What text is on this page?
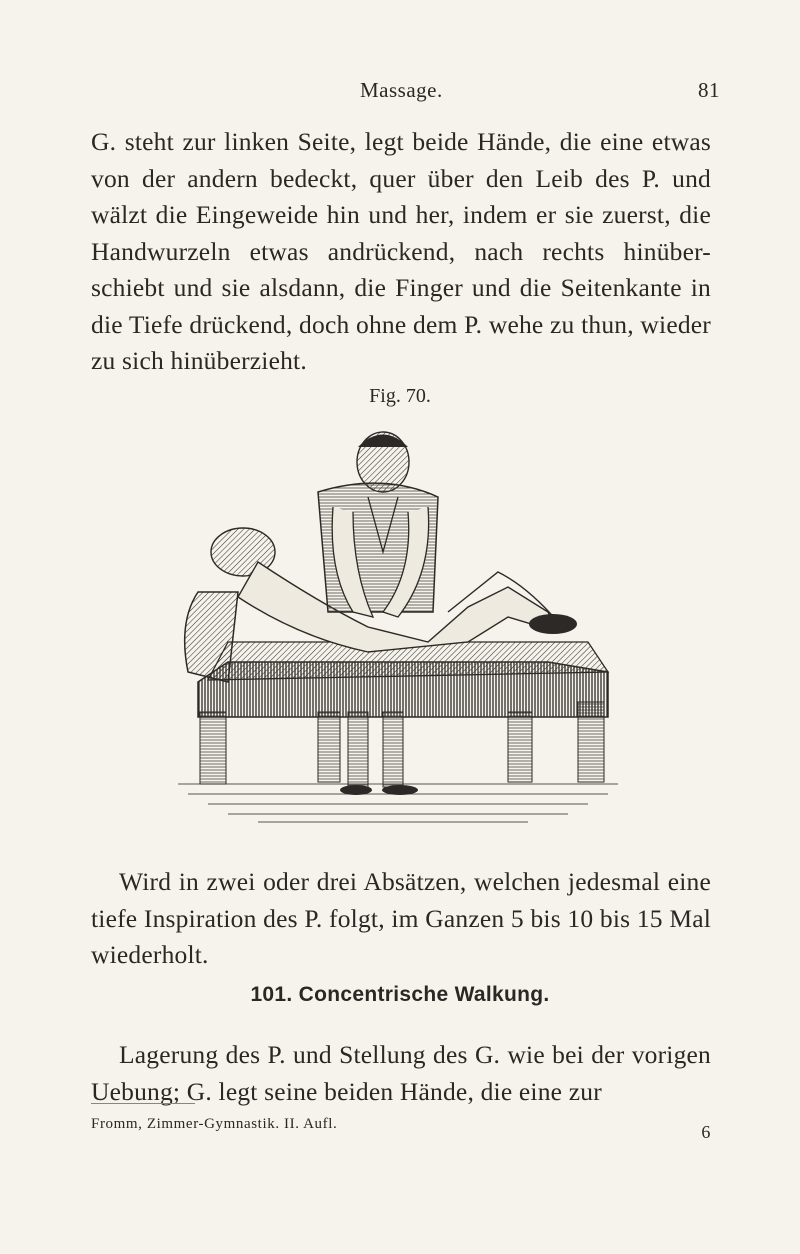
Massage.	81
G. steht zur linken Seite, legt beide Hände, die eine etwas von der andern bedeckt, quer über den Leib des P. und wälzt die Eingeweide hin und her, indem er sie zuerst, die Handwurzeln etwas andrückend, nach rechts hinüber-schiebt und sie alsdann, die Finger und die Seitenkante in die Tiefe drückend, doch ohne dem P. wehe zu thun, wieder zu sich hinüberzieht.
Fig. 70.
Wird in zwei oder drei Absätzen, welchen jedesmal eine tiefe Inspiration des P. folgt, im Ganzen 5 bis 10 bis 15 Mal wiederholt.
101. Concentrische Walkung.
Lagerung des P. und Stellung des G. wie bei der vorigen Uebung; G. legt seine beiden Hände, die eine zur
Fromm, Zimmer-Gymnastik. II. Aufl.	6
